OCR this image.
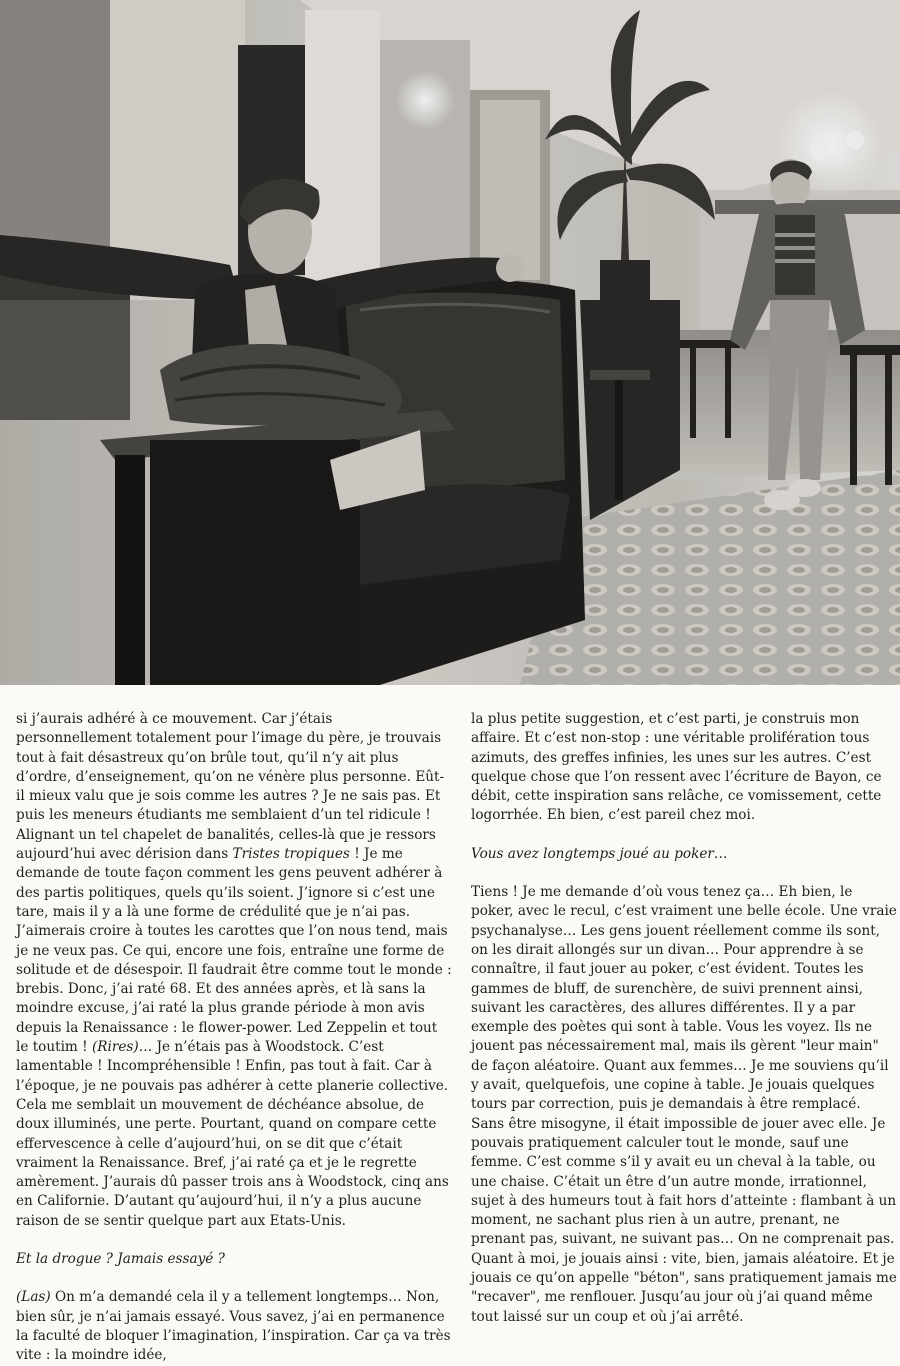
si j’aurais adhéré à ce mouvement. Car j’étais personnellement totalement pour l’image du père, je trouvais tout à fait désastreux qu’on brûle tout, qu’il n’y ait plus d’ordre, d’enseignement, qu’on ne vénère plus personne. Eût-il mieux valu que je sois comme les autres ? Je ne sais pas. Et puis les meneurs étudiants me semblaient d’un tel ridicule ! Alignant un tel chapelet de banalités, celles-là que je ressors aujourd’hui avec dérision dans Tristes tropiques ! Je me demande de toute façon comment les gens peuvent adhérer à des partis politiques, quels qu’ils soient. J’ignore si c’est une tare, mais il y a là une forme de crédulité que je n’ai pas. J’aimerais croire à toutes les carottes que l’on nous tend, mais je ne veux pas. Ce qui, encore une fois, entraîne une forme de solitude et de désespoir. Il faudrait être comme tout le monde : brebis. Donc, j’ai raté 68. Et des années après, et là sans la moindre excuse, j’ai raté la plus grande période à mon avis depuis la Renaissance : le flower-power. Led Zeppelin et tout le toutim ! (Rires)… Je n’étais pas à Woodstock. C’est lamentable ! Incompréhensible ! Enfin, pas tout à fait. Car à l’époque, je ne pouvais pas adhérer à cette planerie collective. Cela me semblait un mouvement de déchéance absolue, de doux illuminés, une perte. Pourtant, quand on compare cette effervescence à celle d’aujourd’hui, on se dit que c’était vraiment la Renaissance. Bref, j’ai raté ça et je le regrette amèrement. J’aurais dû passer trois ans à Woodstock, cinq ans en Californie. D’autant qu’aujourd’hui, il n’y a plus aucune raison de se sentir quelque part aux Etats-Unis.

Et la drogue ? Jamais essayé ?

(Las) On m’a demandé cela il y a tellement longtemps… Non, bien sûr, je n’ai jamais essayé. Vous savez, j’ai en permanence la faculté de bloquer l’imagination, l’inspiration. Car ça va très vite : la moindre idée,

la plus petite suggestion, et c’est parti, je construis mon affaire. Et c’est non-stop : une véritable prolifération tous azimuts, des greffes infinies, les unes sur les autres. C’est quelque chose que l’on ressent avec l’écriture de Bayon, ce débit, cette inspiration sans relâche, ce vomissement, cette logorrhée. Eh bien, c’est pareil chez moi.

Vous avez longtemps joué au poker…

Tiens ! Je me demande d’où vous tenez ça… Eh bien, le poker, avec le recul, c’est vraiment une belle école. Une vraie psychanalyse… Les gens jouent réellement comme ils sont, on les dirait allongés sur un divan… Pour apprendre à se connaître, il faut jouer au poker, c’est évident. Toutes les gammes de bluff, de surenchère, de suivi prennent ainsi, suivant les caractères, des allures différentes. Il y a par exemple des poètes qui sont à table. Vous les voyez. Ils ne jouent pas nécessairement mal, mais ils gèrent "leur main" de façon aléatoire. Quant aux femmes… Je me souviens qu’il y avait, quelquefois, une copine à table. Je jouais quelques tours par correction, puis je demandais à être remplacé. Sans être misogyne, il était impossible de jouer avec elle. Je pouvais pratiquement calculer tout le monde, sauf une femme. C’est comme s’il y avait eu un cheval à la table, ou une chaise. C’était un être d’un autre monde, irrationnel, sujet à des humeurs tout à fait hors d’atteinte : flambant à un moment, ne sachant plus rien à un autre, prenant, ne prenant pas, suivant, ne suivant pas… On ne comprenait pas. Quant à moi, je jouais ainsi : vite, bien, jamais aléatoire. Et je jouais ce qu’on appelle "béton", sans pratiquement jamais me "recaver", me renflouer. Jusqu’au jour où j’ai quand même tout laissé sur un coup et où j’ai arrêté.
